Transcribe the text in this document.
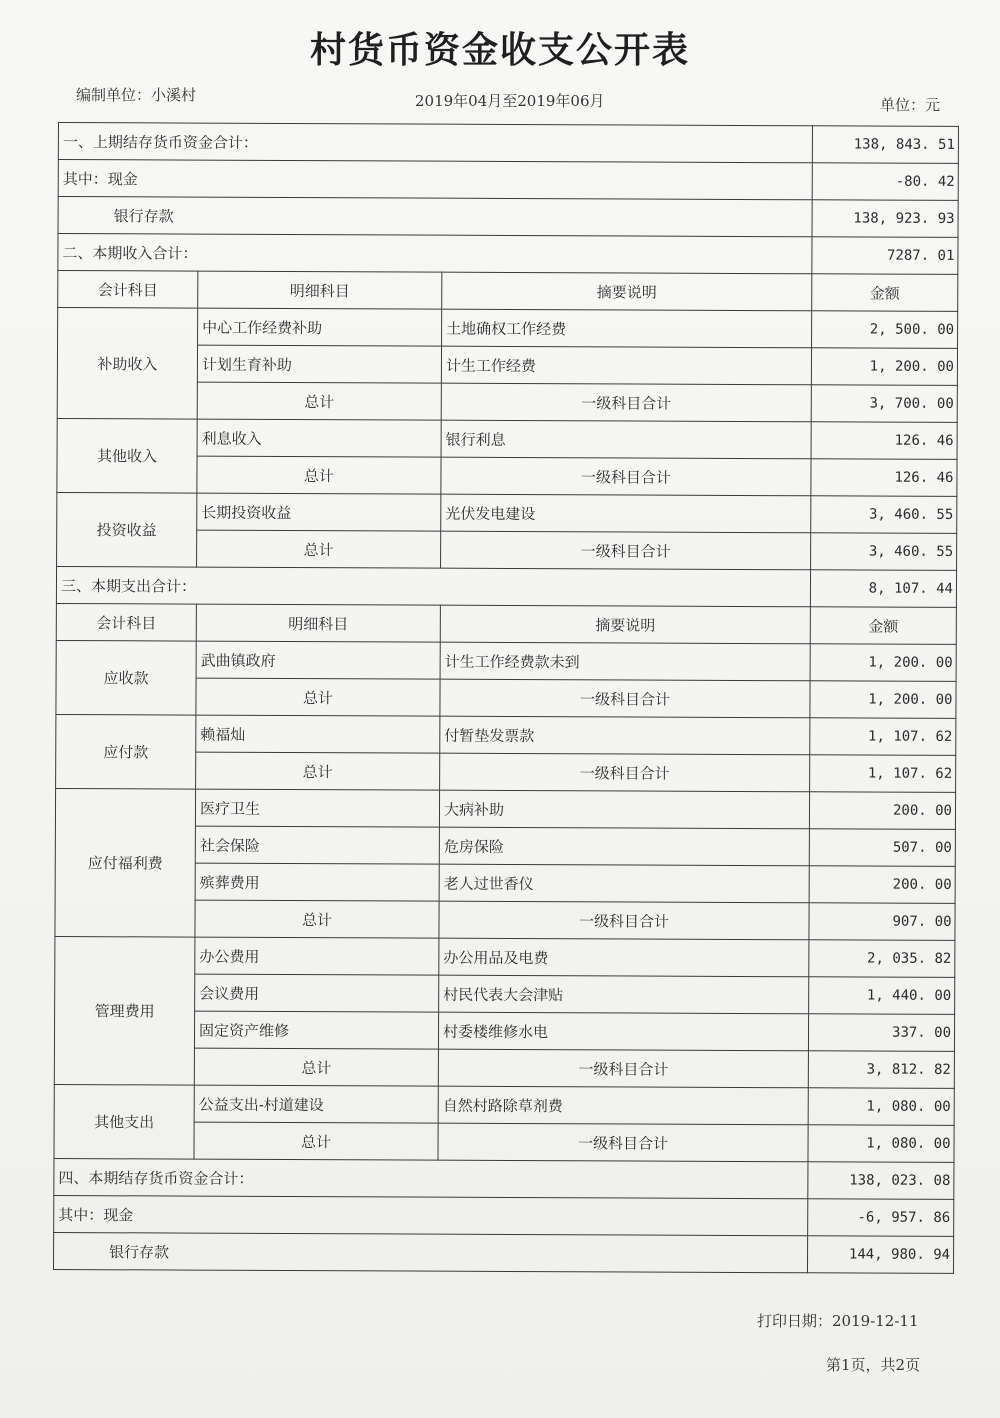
村货币资金收支公开表
编制单位：小溪村	2019年04月至2019年06月	单位：元
一、上期结存货币资金合计：			138, 843. 51
其中：现金			-80. 42
银行存款			138, 923. 93
二、本期收入合计：			7287. 01
会计科目	明细科目	摘要说明	金额
补助收入	中心工作经费补助	土地确权工作经费	2, 500. 00
	计划生育补助	计生工作经费	1, 200. 00
	总计	一级科目合计	3, 700. 00
其他收入	利息收入	银行利息	126. 46
	总计	一级科目合计	126. 46
投资收益	长期投资收益	光伏发电建设	3, 460. 55
	总计	一级科目合计	3, 460. 55
三、本期支出合计：			8, 107. 44
会计科目	明细科目	摘要说明	金额
应收款	武曲镇政府	计生工作经费款未到	1, 200. 00
	总计	一级科目合计	1, 200. 00
应付款	赖福灿	付暂垫发票款	1, 107. 62
	总计	一级科目合计	1, 107. 62
应付福利费	医疗卫生	大病补助	200. 00
	社会保险	危房保险	507. 00
	殡葬费用	老人过世香仪	200. 00
	总计	一级科目合计	907. 00
管理费用	办公费用	办公用品及电费	2, 035. 82
	会议费用	村民代表大会津贴	1, 440. 00
	固定资产维修	村委楼维修水电	337. 00
	总计	一级科目合计	3, 812. 82
其他支出	公益支出-村道建设	自然村路除草剂费	1, 080. 00
	总计	一级科目合计	1, 080. 00
四、本期结存货币资金合计：			138, 023. 08
其中：现金			-6, 957. 86
银行存款			144, 980. 94
打印日期：2019-12-11
第1页，共2页
